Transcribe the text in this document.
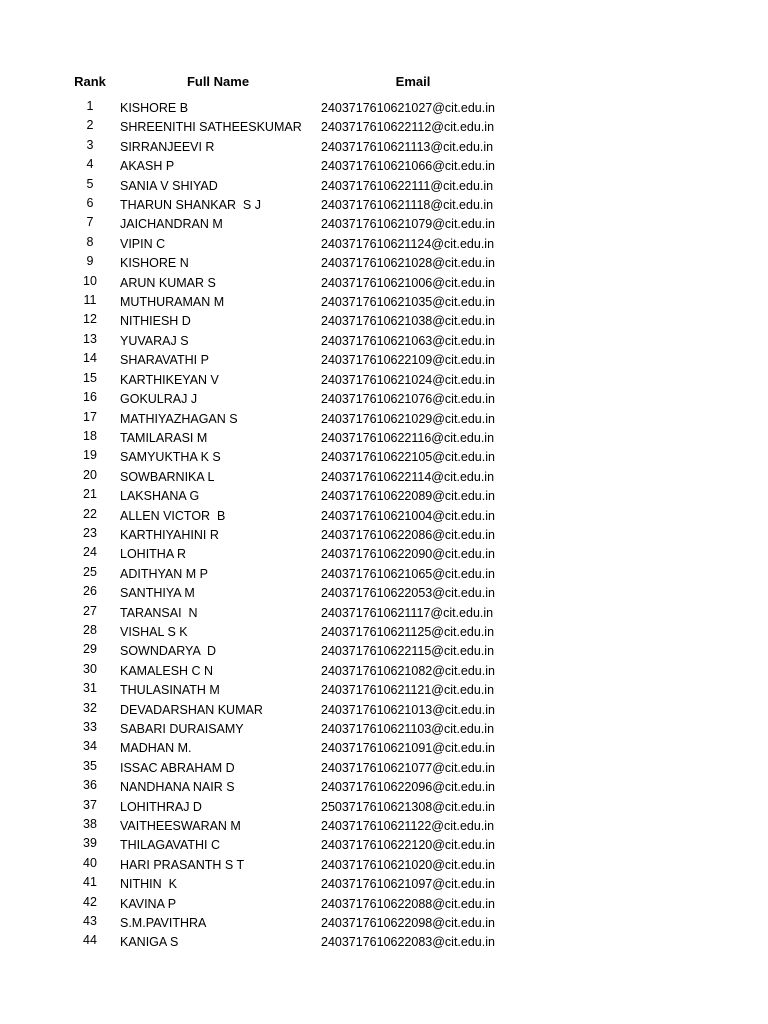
Rank	Full Name	Email
1	KISHORE B	2403717610621027@cit.edu.in
2	SHREENITHI SATHEESKUMAR	2403717610622112@cit.edu.in
3	SIRRANJEEVI R	2403717610621113@cit.edu.in
4	AKASH P	2403717610621066@cit.edu.in
5	SANIA V SHIYAD	2403717610622111@cit.edu.in
6	THARUN SHANKAR  S J	2403717610621118@cit.edu.in
7	JAICHANDRAN M	2403717610621079@cit.edu.in
8	VIPIN C	2403717610621124@cit.edu.in
9	KISHORE N	2403717610621028@cit.edu.in
10	ARUN KUMAR S	2403717610621006@cit.edu.in
11	MUTHURAMAN M	2403717610621035@cit.edu.in
12	NITHIESH D	2403717610621038@cit.edu.in
13	YUVARAJ S	2403717610621063@cit.edu.in
14	SHARAVATHI P	2403717610622109@cit.edu.in
15	KARTHIKEYAN V	2403717610621024@cit.edu.in
16	GOKULRAJ J	2403717610621076@cit.edu.in
17	MATHIYAZHAGAN S	2403717610621029@cit.edu.in
18	TAMILARASI M	2403717610622116@cit.edu.in
19	SAMYUKTHA K S	2403717610622105@cit.edu.in
20	SOWBARNIKA L	2403717610622114@cit.edu.in
21	LAKSHANA G	2403717610622089@cit.edu.in
22	ALLEN VICTOR  B	2403717610621004@cit.edu.in
23	KARTHIYAHINI R	2403717610622086@cit.edu.in
24	LOHITHA R	2403717610622090@cit.edu.in
25	ADITHYAN M P	2403717610621065@cit.edu.in
26	SANTHIYA M	2403717610622053@cit.edu.in
27	TARANSAI  N	2403717610621117@cit.edu.in
28	VISHAL S K	2403717610621125@cit.edu.in
29	SOWNDARYA  D	2403717610622115@cit.edu.in
30	KAMALESH C N	2403717610621082@cit.edu.in
31	THULASINATH M	2403717610621121@cit.edu.in
32	DEVADARSHAN KUMAR	2403717610621013@cit.edu.in
33	SABARI DURAISAMY	2403717610621103@cit.edu.in
34	MADHAN M.	2403717610621091@cit.edu.in
35	ISSAC ABRAHAM D	2403717610621077@cit.edu.in
36	NANDHANA NAIR S	2403717610622096@cit.edu.in
37	LOHITHRAJ D	2503717610621308@cit.edu.in
38	VAITHEESWARAN M	2403717610621122@cit.edu.in
39	THILAGAVATHI C	2403717610622120@cit.edu.in
40	HARI PRASANTH S T	2403717610621020@cit.edu.in
41	NITHIN  K	2403717610621097@cit.edu.in
42	KAVINA P	2403717610622088@cit.edu.in
43	S.M.PAVITHRA	2403717610622098@cit.edu.in
44	KANIGA S	2403717610622083@cit.edu.in
